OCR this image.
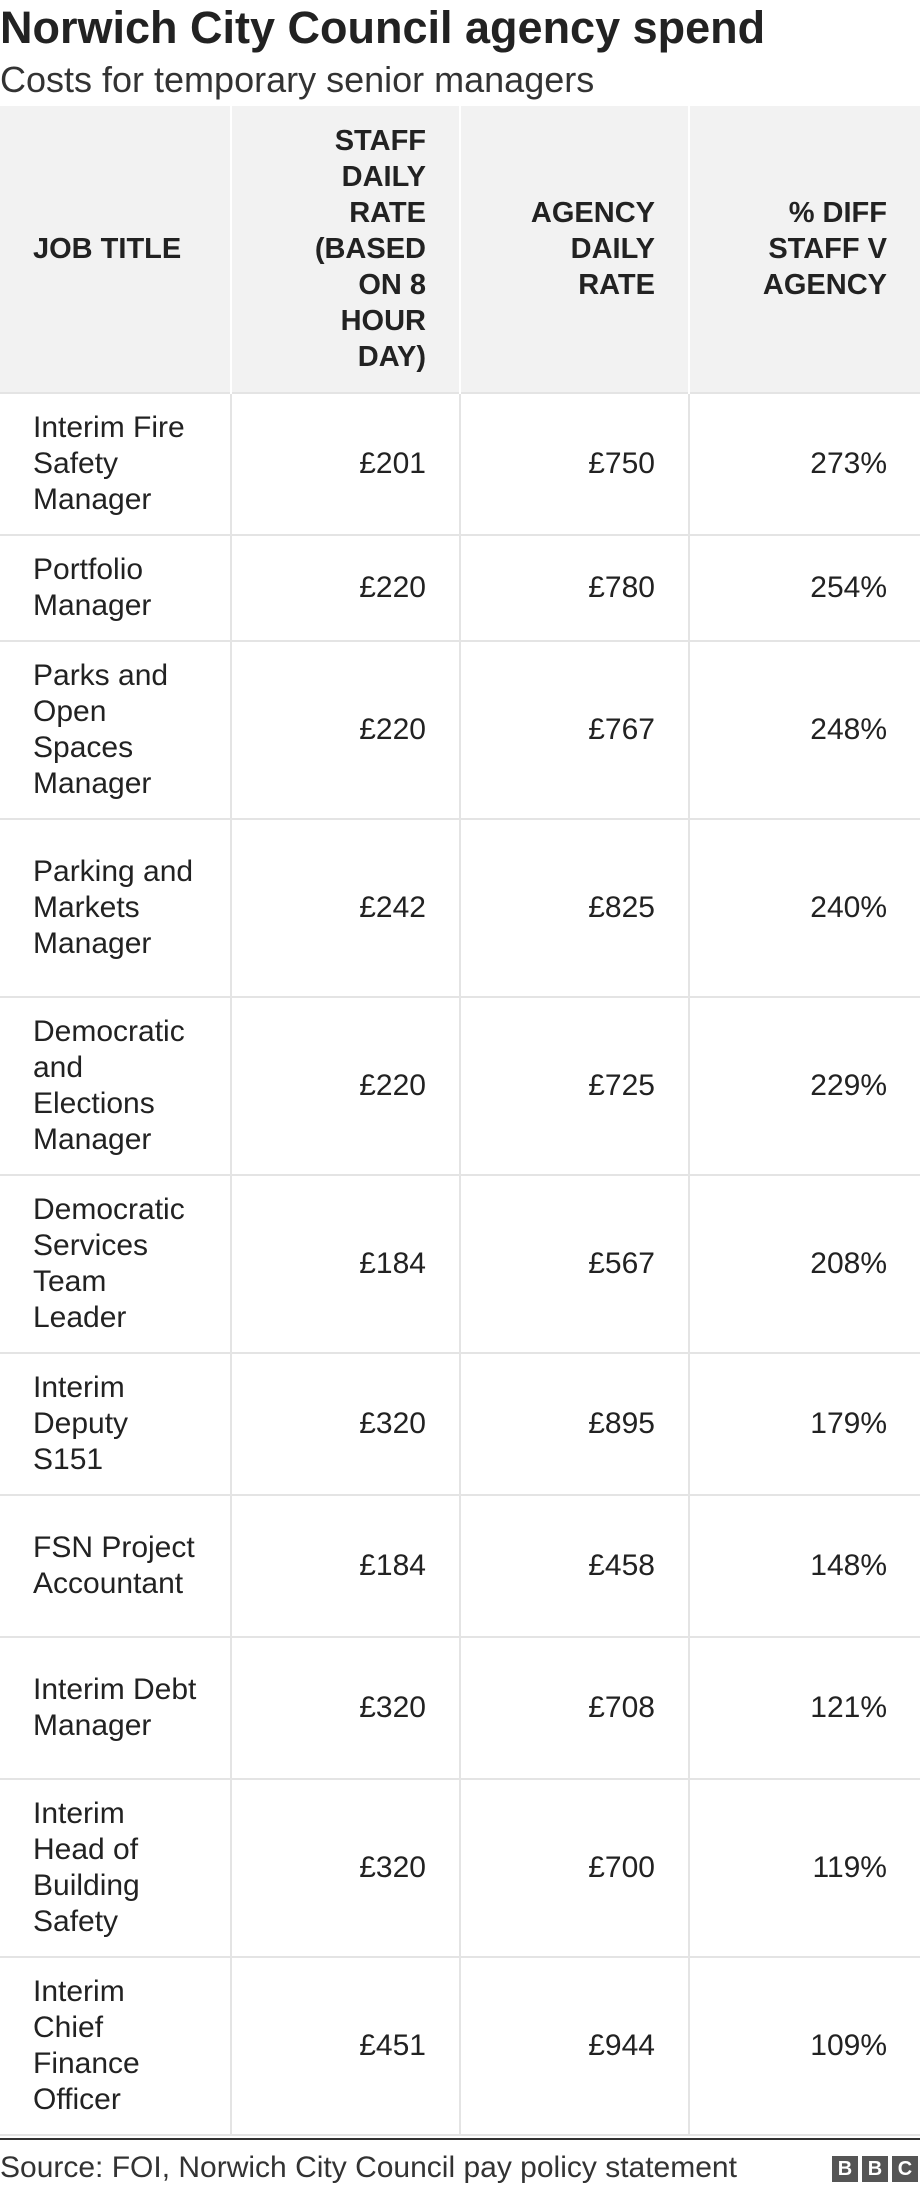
Norwich City Council agency spend
Costs for temporary senior managers
JOB TITLE	STAFF DAILY RATE (BASED ON 8 HOUR DAY)	AGENCY DAILY RATE	% DIFF STAFF V AGENCY
Interim Fire Safety Manager	£201	£750	273%
Portfolio Manager	£220	£780	254%
Parks and Open Spaces Manager	£220	£767	248%
Parking and Markets Manager	£242	£825	240%
Democratic and Elections Manager	£220	£725	229%
Democratic Services Team Leader	£184	£567	208%
Interim Deputy S151	£320	£895	179%
FSN Project Accountant	£184	£458	148%
Interim Debt Manager	£320	£708	121%
Interim Head of Building Safety	£320	£700	119%
Interim Chief Finance Officer	£451	£944	109%
Source: FOI, Norwich City Council pay policy statement	B B C
